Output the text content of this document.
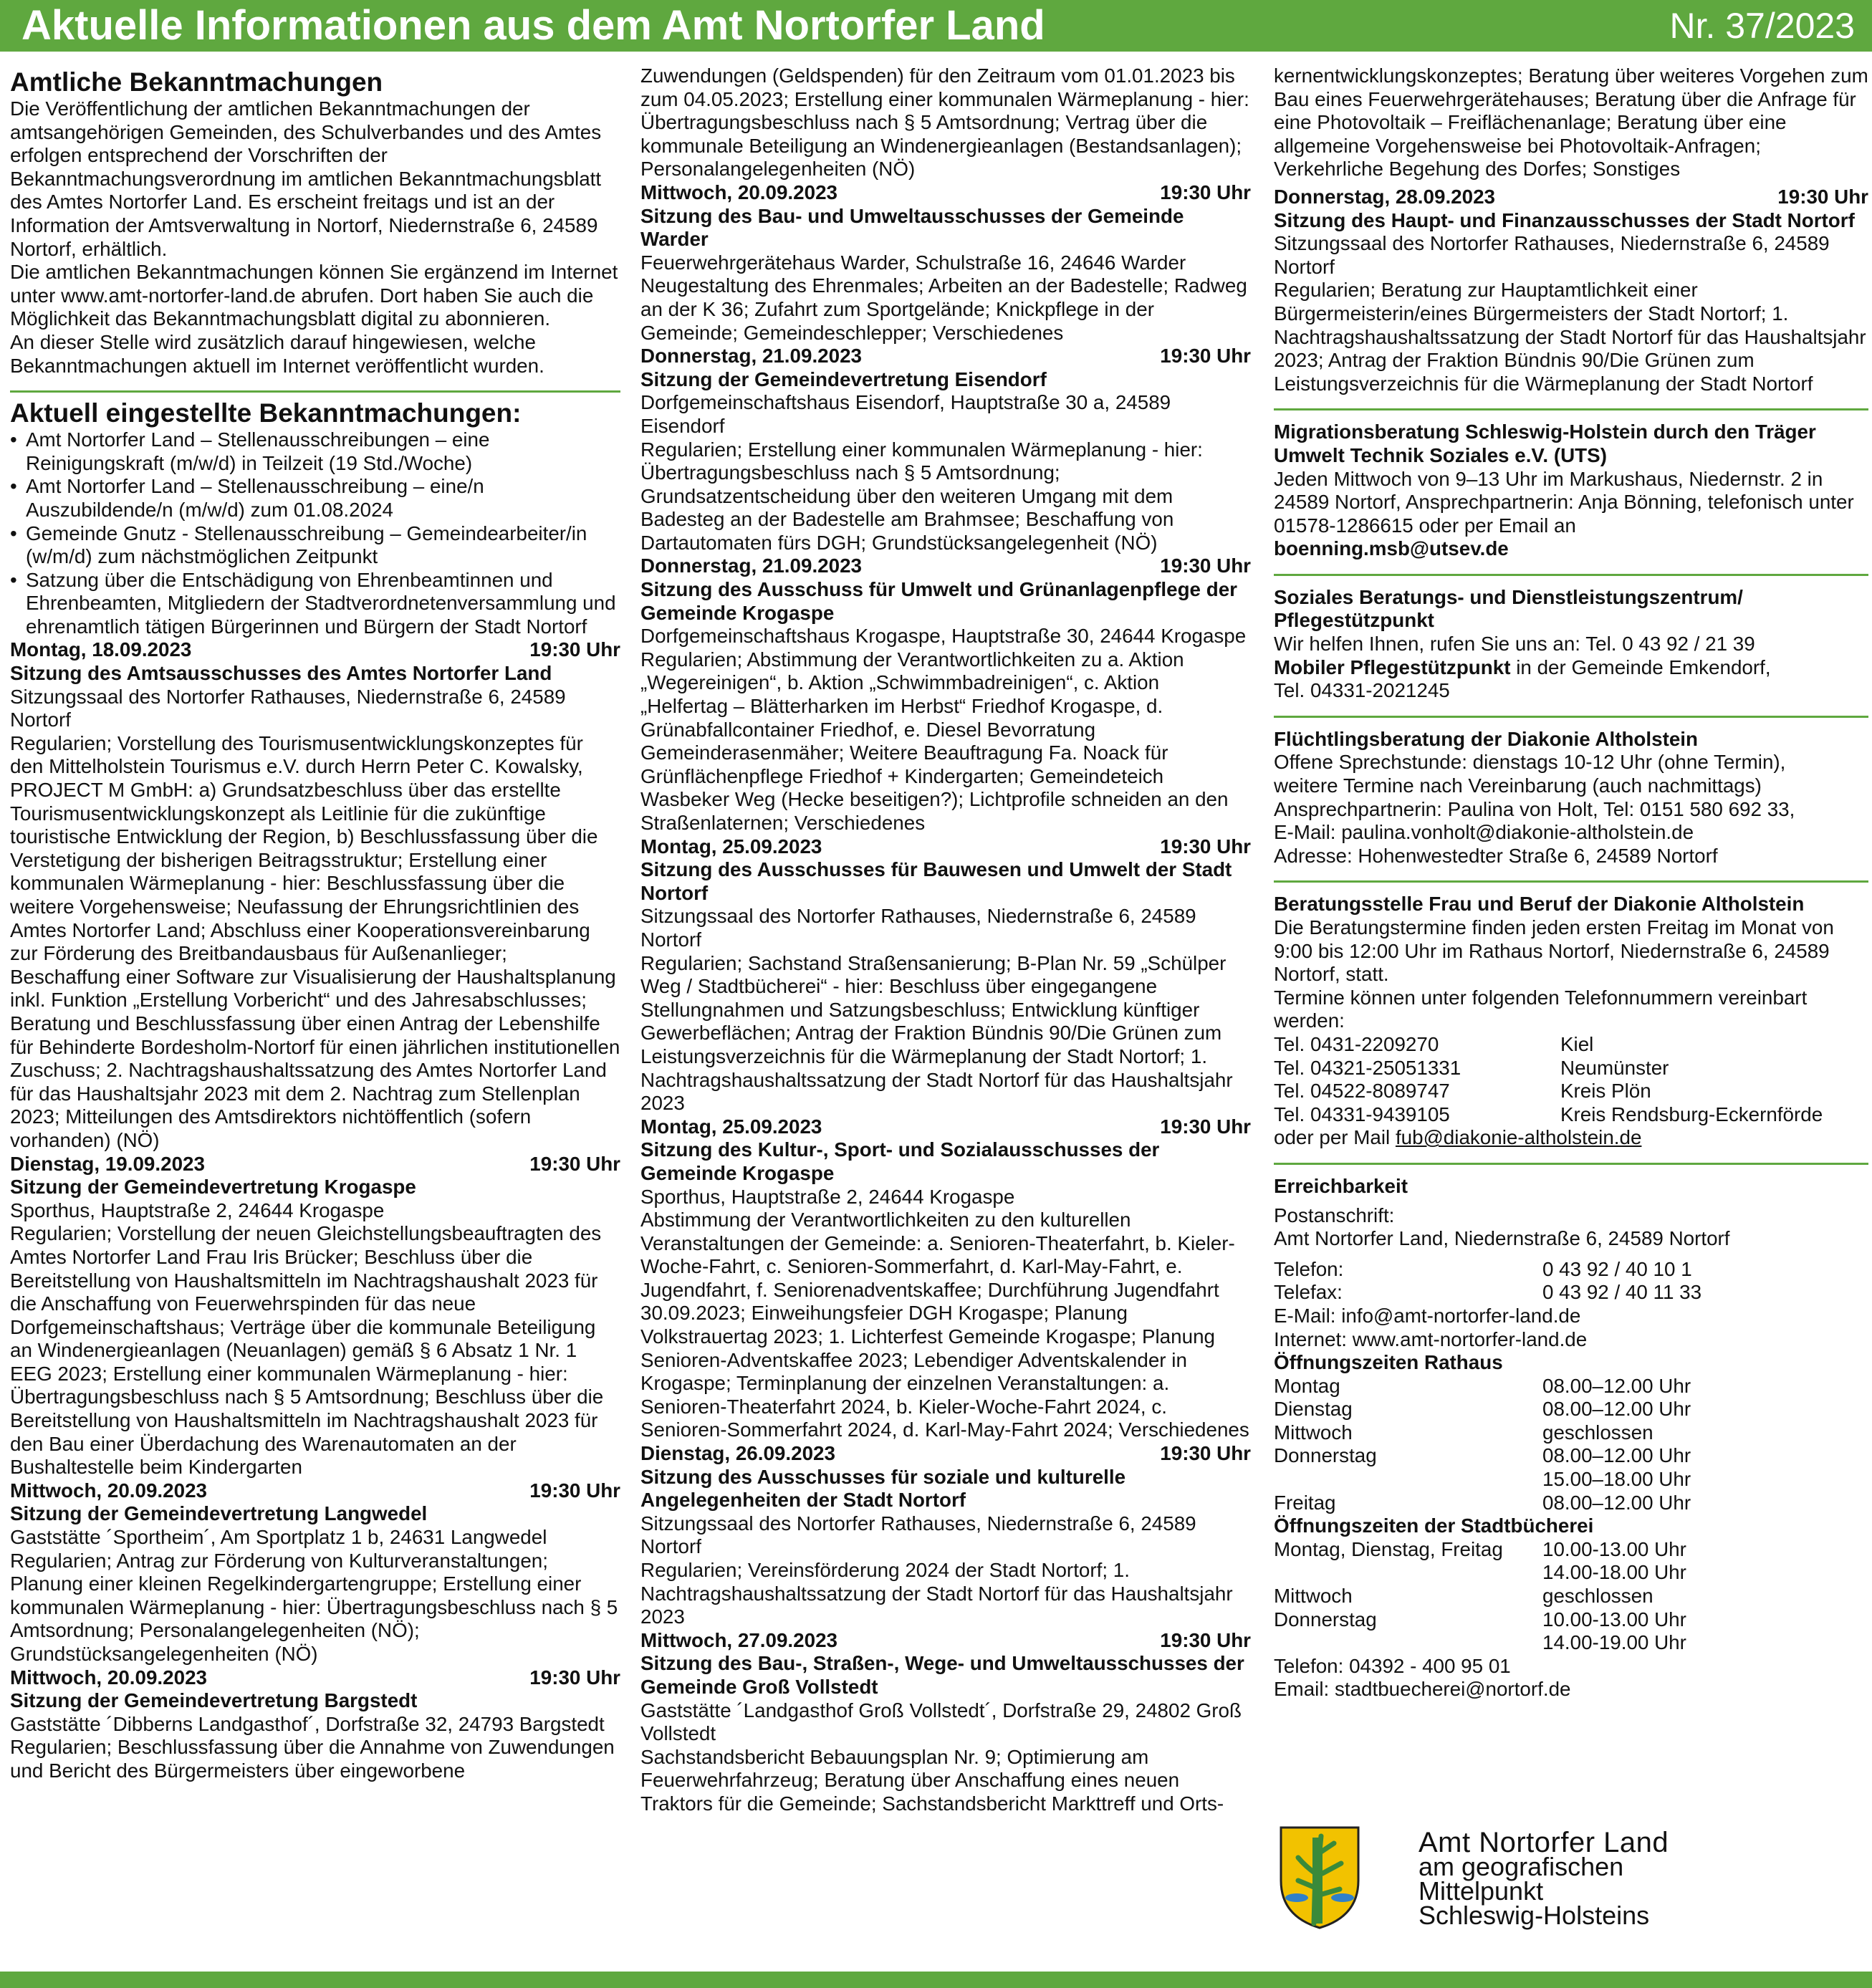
Aktuelle Informationen aus dem Amt Nortorfer Land	Nr. 37/2023
Amtliche Bekanntmachungen

Die Veröffentlichung der amtlichen Bekanntmachungen der amtsangehörigen Gemeinden, des Schulverbandes und des Amtes erfolgen entsprechend der Vorschriften der Bekanntmachungsverordnung im amtlichen Bekanntmachungsblatt des Amtes Nortorfer Land. Es erscheint freitags und ist an der Information der Amtsverwaltung in Nortorf, Niedernstraße 6, 24589 Nortorf, erhältlich.

Die amtlichen Bekanntmachungen können Sie ergänzend im Internet unter www.amt-nortorfer-land.de abrufen. Dort haben Sie auch die Möglichkeit das Bekanntmachungsblatt digital zu abonnieren.

An dieser Stelle wird zusätzlich darauf hingewiesen, welche Bekanntmachungen aktuell im Internet veröffentlicht wurden.

Aktuell eingestellte Bekanntmachungen:
• Amt Nortorfer Land – Stellenausschreibungen – eine Reinigungskraft (m/w/d) in Teilzeit (19 Std./Woche)
• Amt Nortorfer Land – Stellenausschreibung – eine/n Auszubildende/n (m/w/d) zum 01.08.2024
• Gemeinde Gnutz - Stellenausschreibung – Gemeindearbeiter/in (w/m/d) zum nächstmöglichen Zeitpunkt
• Satzung über die Entschädigung von Ehrenbeamtinnen und Ehrenbeamten, Mitgliedern der Stadtverordnetenversammlung und ehrenamtlich tätigen Bürgerinnen und Bürgern der Stadt Nortorf
Montag, 18.09.2023	19:30 Uhr
Sitzung des Amtsausschusses des Amtes Nortorfer Land
Sitzungssaal des Nortorfer Rathauses, Niedernstraße 6, 24589 Nortorf
Regularien; Vorstellung des Tourismusentwicklungskonzeptes für den Mittelholstein Tourismus e.V. durch Herrn Peter C. Kowalsky, PROJECT M GmbH: a) Grundsatzbeschluss über das erstellte Tourismusentwicklungskonzept als Leitlinie für die zukünftige touristische Entwicklung der Region, b) Beschlussfassung über die Verstetigung der bisherigen Beitragsstruktur; Erstellung einer kommunalen Wärmeplanung - hier: Beschlussfassung über die weitere Vorgehensweise; Neufassung der Ehrungsrichtlinien des Amtes Nortorfer Land; Abschluss einer Kooperationsvereinbarung zur Förderung des Breitbandausbaus für Außenanlieger; Beschaffung einer Software zur Visualisierung der Haushaltsplanung inkl. Funktion „Erstellung Vorbericht“ und des Jahresabschlusses; Beratung und Beschlussfassung über einen Antrag der Lebenshilfe für Behinderte Bordesholm-Nortorf für einen jährlichen institutionellen Zuschuss; 2. Nachtragshaushaltssatzung des Amtes Nortorfer Land für das Haushaltsjahr 2023 mit dem 2. Nachtrag zum Stellenplan 2023; Mitteilungen des Amtsdirektors nichtöffentlich (sofern vorhanden) (NÖ)
Dienstag, 19.09.2023	19:30 Uhr
Sitzung der Gemeindevertretung Krogaspe
Sporthus, Hauptstraße 2, 24644 Krogaspe
Regularien; Vorstellung der neuen Gleichstellungsbeauftragten des Amtes Nortorfer Land Frau Iris Brücker; Beschluss über die Bereitstellung von Haushaltsmitteln im Nachtragshaushalt 2023 für die Anschaffung von Feuerwehrspinden für das neue Dorfgemeinschaftshaus; Verträge über die kommunale Beteiligung an Windenergieanlagen (Neuanlagen) gemäß § 6 Absatz 1 Nr. 1 EEG 2023; Erstellung einer kommunalen Wärmeplanung - hier: Übertragungsbeschluss nach § 5 Amtsordnung; Beschluss über die Bereitstellung von Haushaltsmitteln im Nachtragshaushalt 2023 für den Bau einer Überdachung des Warenautomaten an der Bushaltestelle beim Kindergarten
Mittwoch, 20.09.2023	19:30 Uhr
Sitzung der Gemeindevertretung Langwedel
Gaststätte ´Sportheim´, Am Sportplatz 1 b, 24631 Langwedel
Regularien; Antrag zur Förderung von Kulturveranstaltungen; Planung einer kleinen Regelkindergartengruppe; Erstellung einer kommunalen Wärmeplanung - hier: Übertragungsbeschluss nach § 5 Amtsordnung; Personalangelegenheiten (NÖ); Grundstücksangelegenheiten (NÖ)
Mittwoch, 20.09.2023	19:30 Uhr
Sitzung der Gemeindevertretung Bargstedt
Gaststätte ´Dibberns Landgasthof´, Dorfstraße 32, 24793 Bargstedt
Regularien; Beschlussfassung über die Annahme von Zuwendungen und Bericht des Bürgermeisters über eingeworbene
Zuwendungen (Geldspenden) für den Zeitraum vom 01.01.2023 bis zum 04.05.2023; Erstellung einer kommunalen Wärmeplanung - hier: Übertragungsbeschluss nach § 5 Amtsordnung; Vertrag über die kommunale Beteiligung an Windenergieanlagen (Bestandsanlagen); Personalangelegenheiten (NÖ)
Mittwoch, 20.09.2023	19:30 Uhr
Sitzung des Bau- und Umweltausschusses der Gemeinde Warder
Feuerwehrgerätehaus Warder, Schulstraße 16, 24646 Warder
Neugestaltung des Ehrenmales; Arbeiten an der Badestelle; Radweg an der K 36; Zufahrt zum Sportgelände; Knickpflege in der Gemeinde; Gemeindeschlepper; Verschiedenes
Donnerstag, 21.09.2023	19:30 Uhr
Sitzung der Gemeindevertretung Eisendorf
Dorfgemeinschaftshaus Eisendorf, Hauptstraße 30 a, 24589 Eisendorf
Regularien; Erstellung einer kommunalen Wärmeplanung - hier: Übertragungsbeschluss nach § 5 Amtsordnung; Grundsatzentscheidung über den weiteren Umgang mit dem Badesteg an der Badestelle am Brahmsee; Beschaffung von Dartautomaten fürs DGH; Grundstücksangelegenheit (NÖ)
Donnerstag, 21.09.2023	19:30 Uhr
Sitzung des Ausschuss für Umwelt und Grünanlagenpflege der Gemeinde Krogaspe
Dorfgemeinschaftshaus Krogaspe, Hauptstraße 30, 24644 Krogaspe
Regularien; Abstimmung der Verantwortlichkeiten zu a. Aktion „Wegereinigen“, b. Aktion „Schwimmbadreinigen“, c. Aktion „Helfertag – Blätterharken im Herbst“ Friedhof Krogaspe, d. Grünabfallcontainer Friedhof, e. Diesel Bevorratung Gemeinderasenmäher; Weitere Beauftragung Fa. Noack für Grünflächenpflege Friedhof + Kindergarten; Gemeindeteich Wasbeker Weg (Hecke beseitigen?); Lichtprofile schneiden an den Straßenlaternen; Verschiedenes
Montag, 25.09.2023	19:30 Uhr
Sitzung des Ausschusses für Bauwesen und Umwelt der Stadt Nortorf
Sitzungssaal des Nortorfer Rathauses, Niedernstraße 6, 24589 Nortorf
Regularien; Sachstand Straßensanierung; B-Plan Nr. 59 „Schülper Weg / Stadtbücherei“ - hier: Beschluss über eingegangene Stellungnahmen und Satzungsbeschluss; Entwicklung künftiger Gewerbeflächen; Antrag der Fraktion Bündnis 90/Die Grünen zum Leistungsverzeichnis für die Wärmeplanung der Stadt Nortorf; 1. Nachtragshaushaltssatzung der Stadt Nortorf für das Haushaltsjahr 2023
Montag, 25.09.2023	19:30 Uhr
Sitzung des Kultur-, Sport- und Sozialausschusses der Gemeinde Krogaspe
Sporthus, Hauptstraße 2, 24644 Krogaspe
Abstimmung der Verantwortlichkeiten zu den kulturellen Veranstaltungen der Gemeinde: a. Senioren-Theaterfahrt, b. Kieler-Woche-Fahrt, c. Senioren-Sommerfahrt, d. Karl-May-Fahrt, e. Jugendfahrt, f. Seniorenadventskaffee; Durchführung Jugendfahrt 30.09.2023; Einweihungsfeier DGH Krogaspe; Planung Volkstrauertag 2023; 1. Lichterfest Gemeinde Krogaspe; Planung Senioren-Adventskaffee 2023; Lebendiger Adventskalender in Krogaspe; Terminplanung der einzelnen Veranstaltungen: a. Senioren-Theaterfahrt 2024, b. Kieler-Woche-Fahrt 2024, c. Senioren-Sommerfahrt 2024, d. Karl-May-Fahrt 2024; Verschiedenes
Dienstag, 26.09.2023	19:30 Uhr
Sitzung des Ausschusses für soziale und kulturelle Angelegenheiten der Stadt Nortorf
Sitzungssaal des Nortorfer Rathauses, Niedernstraße 6, 24589 Nortorf
Regularien; Vereinsförderung 2024 der Stadt Nortorf; 1. Nachtragshaushaltssatzung der Stadt Nortorf für das Haushaltsjahr 2023
Mittwoch, 27.09.2023	19:30 Uhr
Sitzung des Bau-, Straßen-, Wege- und Umweltausschusses der Gemeinde Groß Vollstedt
Gaststätte ´Landgasthof Groß Vollstedt´, Dorfstraße 29, 24802 Groß Vollstedt
Sachstandsbericht Bebauungsplan Nr. 9; Optimierung am Feuerwehrfahrzeug; Beratung über Anschaffung eines neuen Traktors für die Gemeinde; Sachstandsbericht Markttreff und Orts-
kernentwicklungskonzeptes; Beratung über weiteres Vorgehen zum Bau eines Feuerwehrgerätehauses; Beratung über die Anfrage für eine Photovoltaik – Freiflächenanlage; Beratung über eine allgemeine Vorgehensweise bei Photovoltaik-Anfragen; Verkehrliche Begehung des Dorfes; Sonstiges
Donnerstag, 28.09.2023	19:30 Uhr
Sitzung des Haupt- und Finanzausschusses der Stadt Nortorf
Sitzungssaal des Nortorfer Rathauses, Niedernstraße 6, 24589 Nortorf
Regularien; Beratung zur Hauptamtlichkeit einer Bürgermeisterin/eines Bürgermeisters der Stadt Nortorf; 1. Nachtragshaushaltssatzung der Stadt Nortorf für das Haushaltsjahr 2023; Antrag der Fraktion Bündnis 90/Die Grünen zum Leistungsverzeichnis für die Wärmeplanung der Stadt Nortorf
Migrationsberatung Schleswig-Holstein durch den Träger Umwelt Technik Soziales e.V. (UTS)
Jeden Mittwoch von 9–13 Uhr im Markushaus, Niedernstr. 2 in 24589 Nortorf, Ansprechpartnerin: Anja Bönning, telefonisch unter 01578-1286615 oder per Email an
boenning.msb@utsev.de
Soziales Beratungs- und Dienstleistungszentrum/ Pflegestützpunkt
Wir helfen Ihnen, rufen Sie uns an: Tel. 0 43 92 / 21 39
Mobiler Pflegestützpunkt in der Gemeinde Emkendorf,
Tel. 04331-2021245
Flüchtlingsberatung der Diakonie Altholstein
Offene Sprechstunde: dienstags 10-12 Uhr (ohne Termin),
weitere Termine nach Vereinbarung (auch nachmittags)
Ansprechpartnerin: Paulina von Holt, Tel: 0151 580 692 33,
E-Mail: paulina.vonholt@diakonie-altholstein.de
Adresse: Hohenwestedter Straße 6, 24589 Nortorf
Beratungsstelle Frau und Beruf der Diakonie Altholstein
Die Beratungstermine finden jeden ersten Freitag im Monat von 9:00 bis 12:00 Uhr im Rathaus Nortorf, Niedernstraße 6, 24589 Nortorf, statt.
Termine können unter folgenden Telefonnummern vereinbart werden:
Tel. 0431-2209270	Kiel
Tel. 04321-25051331	Neumünster
Tel. 04522-8089747	Kreis Plön
Tel. 04331-9439105	Kreis Rendsburg-Eckernförde
oder per Mail fub@diakonie-altholstein.de
Erreichbarkeit
Postanschrift:
Amt Nortorfer Land, Niedernstraße 6, 24589 Nortorf
Telefon:	0 43 92 / 40 10 1
Telefax:	0 43 92 / 40 11 33
E-Mail: info@amt-nortorfer-land.de
Internet: www.amt-nortorfer-land.de
Öffnungszeiten Rathaus
Montag	08.00–12.00 Uhr
Dienstag	08.00–12.00 Uhr
Mittwoch	geschlossen
Donnerstag	08.00–12.00 Uhr
15.00–18.00 Uhr
Freitag	08.00–12.00 Uhr
Öffnungszeiten der Stadtbücherei
Montag, Dienstag, Freitag	10.00-13.00 Uhr
14.00-18.00 Uhr
Mittwoch	geschlossen
Donnerstag	10.00-13.00 Uhr
14.00-19.00 Uhr
Telefon: 04392 - 400 95 01
Email: stadtbuecherei@nortorf.de
Amt Nortorfer Land
am geografischen
Mittelpunkt
Schleswig-Holsteins
